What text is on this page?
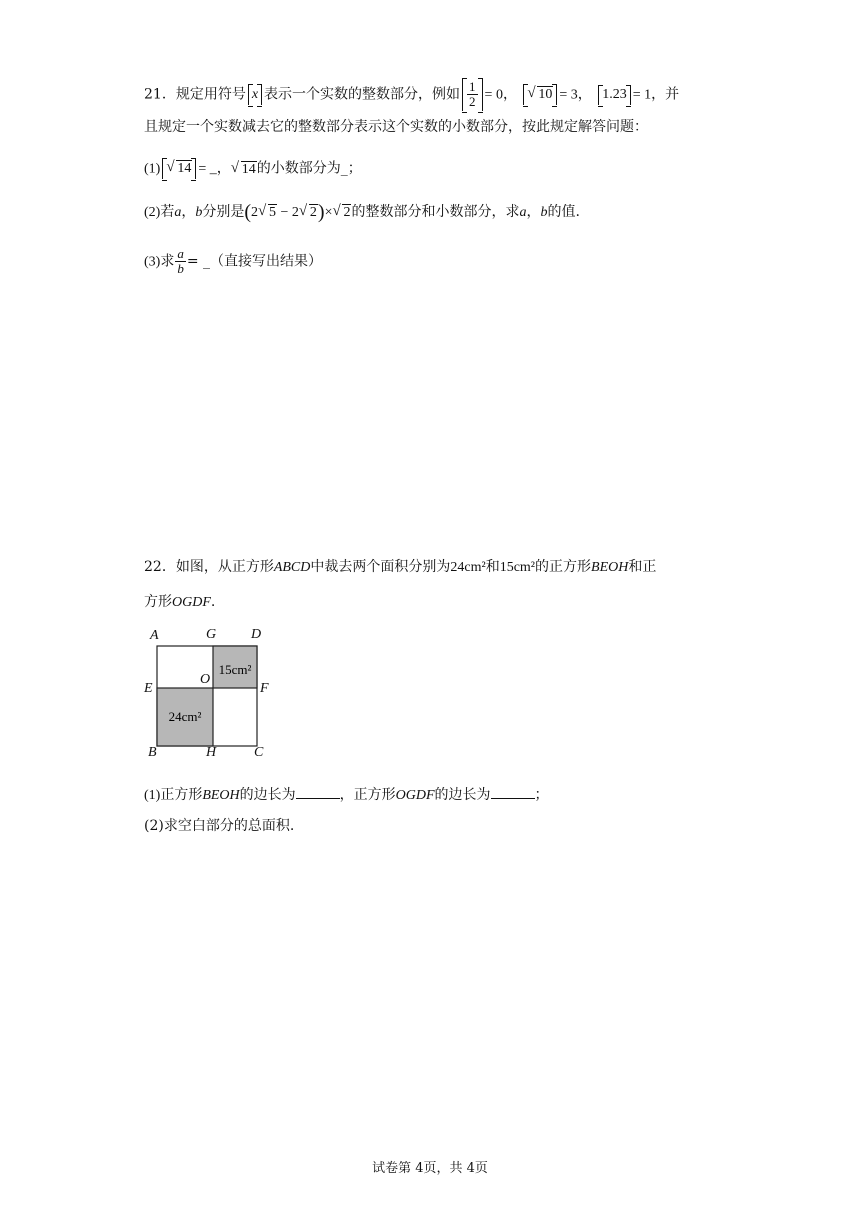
21．规定用符号 x 表示一个实数的整数部分，例如 $\frac{1}{2} = 0$， √ 10 = 3， 1.23 = 1，并
且规定一个实数减去它的整数部分表示这个实数的小数部分，按此规定解答问题：
(1) √ 14 = _， √ 14的小数部分为_；
(2)若a，b分别是(2 √ 5 − 2 √ 2)× √ 2的整数部分和小数部分，求a，b的值.
(3)求 $\frac{a}{b}$ = _（直接写出结果）
22．如图，从正方形ABCD中裁去两个面积分别为24cm²和15cm²的正方形BEOH和正
方形OGDF.
24cm²
15cm²
A	G D
E
O
F
B	H	C
(1)正方形BEOH的边长为	，正方形OGDF的边长为	；
(2)求空白部分的总面积.
试卷第 4页，共 4页
